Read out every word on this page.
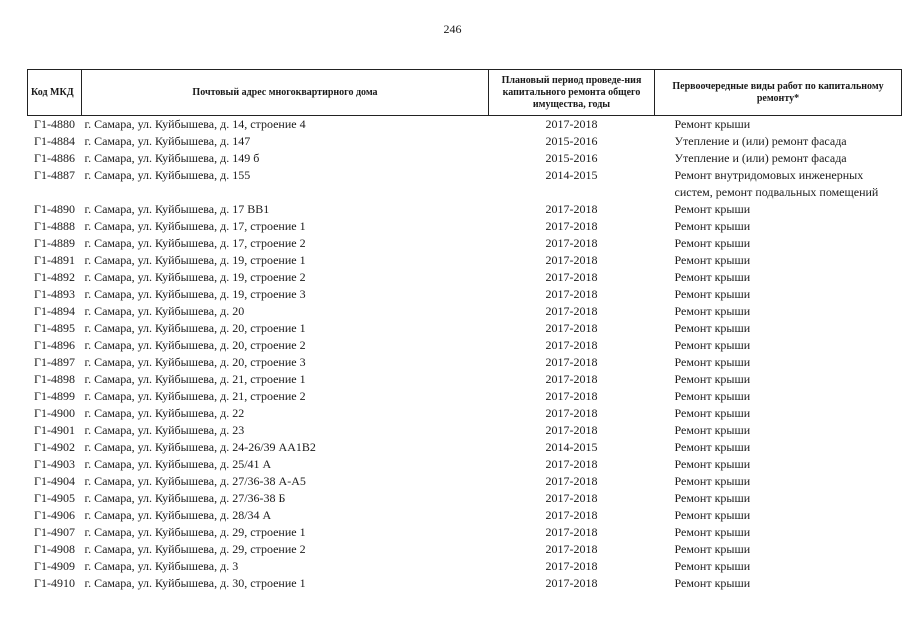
246
Код МКД	Почтовый адрес многоквартирного дома	Плановый период проведе-ния капитального ремонта общего имущества, годы	Первоочередные виды работ по капитальному ремонту*
Г1-4880	г. Самара, ул. Куйбышева, д. 14, строение 4	2017-2018	Ремонт крыши
Г1-4884	г. Самара, ул. Куйбышева, д. 147	2015-2016	Утепление и (или) ремонт фасада
Г1-4886	г. Самара, ул. Куйбышева, д. 149 б	2015-2016	Утепление и (или) ремонт фасада
Г1-4887	г. Самара, ул. Куйбышева, д. 155	2014-2015	Ремонт внутридомовых инженерных систем, ремонт подвальных помещений
Г1-4890	г. Самара, ул. Куйбышева, д. 17 ВВ1	2017-2018	Ремонт крыши
Г1-4888	г. Самара, ул. Куйбышева, д. 17, строение 1	2017-2018	Ремонт крыши
Г1-4889	г. Самара, ул. Куйбышева, д. 17, строение 2	2017-2018	Ремонт крыши
Г1-4891	г. Самара, ул. Куйбышева, д. 19, строение 1	2017-2018	Ремонт крыши
Г1-4892	г. Самара, ул. Куйбышева, д. 19, строение 2	2017-2018	Ремонт крыши
Г1-4893	г. Самара, ул. Куйбышева, д. 19, строение 3	2017-2018	Ремонт крыши
Г1-4894	г. Самара, ул. Куйбышева, д. 20	2017-2018	Ремонт крыши
Г1-4895	г. Самара, ул. Куйбышева, д. 20, строение 1	2017-2018	Ремонт крыши
Г1-4896	г. Самара, ул. Куйбышева, д. 20, строение 2	2017-2018	Ремонт крыши
Г1-4897	г. Самара, ул. Куйбышева, д. 20, строение 3	2017-2018	Ремонт крыши
Г1-4898	г. Самара, ул. Куйбышева, д. 21, строение 1	2017-2018	Ремонт крыши
Г1-4899	г. Самара, ул. Куйбышева, д. 21, строение 2	2017-2018	Ремонт крыши
Г1-4900	г. Самара, ул. Куйбышева, д. 22	2017-2018	Ремонт крыши
Г1-4901	г. Самара, ул. Куйбышева, д. 23	2017-2018	Ремонт крыши
Г1-4902	г. Самара, ул. Куйбышева, д. 24-26/39 АА1В2	2014-2015	Ремонт крыши
Г1-4903	г. Самара, ул. Куйбышева, д. 25/41 А	2017-2018	Ремонт крыши
Г1-4904	г. Самара, ул. Куйбышева, д. 27/36-38 А-А5	2017-2018	Ремонт крыши
Г1-4905	г. Самара, ул. Куйбышева, д. 27/36-38 Б	2017-2018	Ремонт крыши
Г1-4906	г. Самара, ул. Куйбышева, д. 28/34 А	2017-2018	Ремонт крыши
Г1-4907	г. Самара, ул. Куйбышева, д. 29, строение 1	2017-2018	Ремонт крыши
Г1-4908	г. Самара, ул. Куйбышева, д. 29, строение 2	2017-2018	Ремонт крыши
Г1-4909	г. Самара, ул. Куйбышева, д. 3	2017-2018	Ремонт крыши
Г1-4910	г. Самара, ул. Куйбышева, д. 30, строение 1	2017-2018	Ремонт крыши
